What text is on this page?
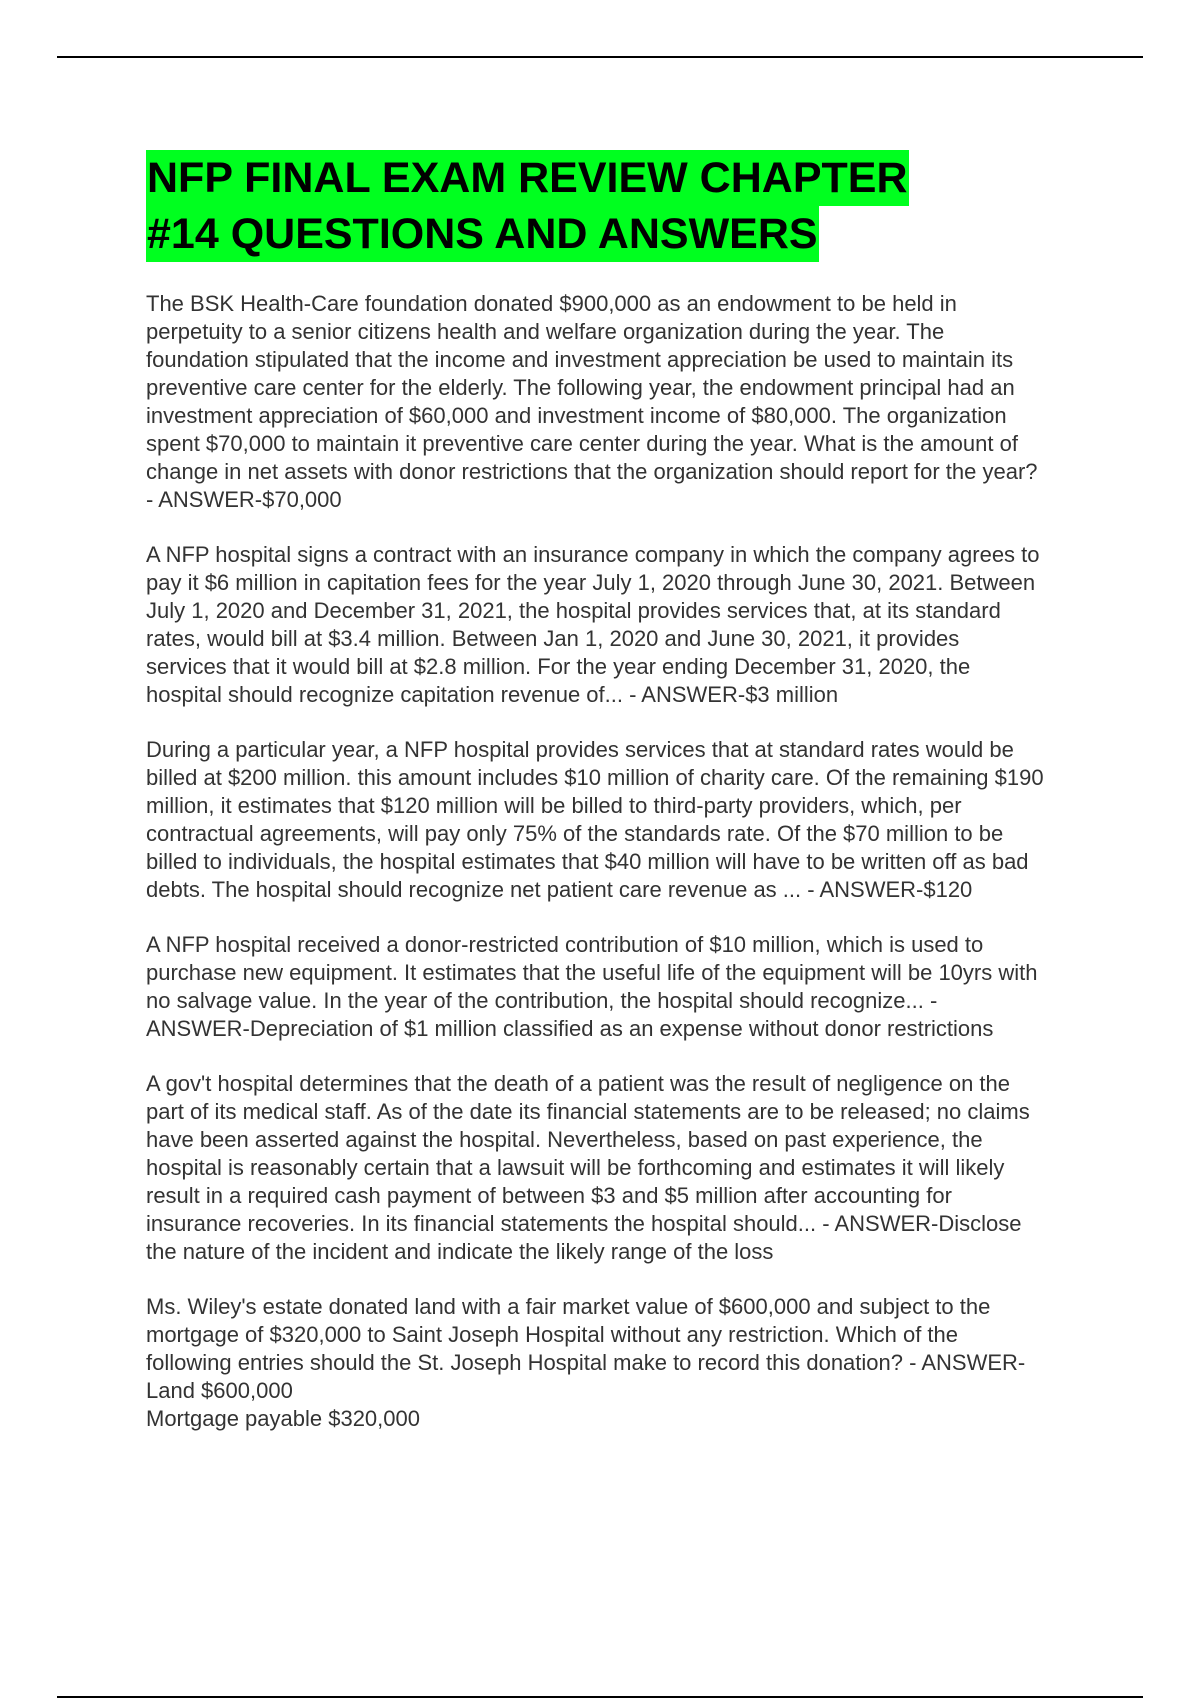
NFP FINAL EXAM REVIEW CHAPTER
#14 QUESTIONS AND ANSWERS

The BSK Health-Care foundation donated $900,000 as an endowment to be held in perpetuity to a senior citizens health and welfare organization during the year. The foundation stipulated that the income and investment appreciation be used to maintain its preventive care center for the elderly. The following year, the endowment principal had an investment appreciation of $60,000 and investment income of $80,000. The organization spent $70,000 to maintain it preventive care center during the year. What is the amount of change in net assets with donor restrictions that the organization should report for the year? - ANSWER-$70,000

A NFP hospital signs a contract with an insurance company in which the company agrees to pay it $6 million in capitation fees for the year July 1, 2020 through June 30, 2021. Between July 1, 2020 and December 31, 2021, the hospital provides services that, at its standard rates, would bill at $3.4 million. Between Jan 1, 2020 and June 30, 2021, it provides services that it would bill at $2.8 million. For the year ending December 31, 2020, the hospital should recognize capitation revenue of... - ANSWER-$3 million

During a particular year, a NFP hospital provides services that at standard rates would be billed at $200 million. this amount includes $10 million of charity care. Of the remaining $190 million, it estimates that $120 million will be billed to third-party providers, which, per contractual agreements, will pay only 75% of the standards rate. Of the $70 million to be billed to individuals, the hospital estimates that $40 million will have to be written off as bad debts. The hospital should recognize net patient care revenue as ... - ANSWER-$120

A NFP hospital received a donor-restricted contribution of $10 million, which is used to purchase new equipment. It estimates that the useful life of the equipment will be 10yrs with no salvage value. In the year of the contribution, the hospital should recognize... - ANSWER-Depreciation of $1 million classified as an expense without donor restrictions

A gov't hospital determines that the death of a patient was the result of negligence on the part of its medical staff. As of the date its financial statements are to be released; no claims have been asserted against the hospital. Nevertheless, based on past experience, the hospital is reasonably certain that a lawsuit will be forthcoming and estimates it will likely result in a required cash payment of between $3 and $5 million after accounting for insurance recoveries. In its financial statements the hospital should... - ANSWER-Disclose the nature of the incident and indicate the likely range of the loss

Ms. Wiley's estate donated land with a fair market value of $600,000 and subject to the mortgage of $320,000 to Saint Joseph Hospital without any restriction. Which of the following entries should the St. Joseph Hospital make to record this donation? - ANSWER-Land $600,000
Mortgage payable $320,000
